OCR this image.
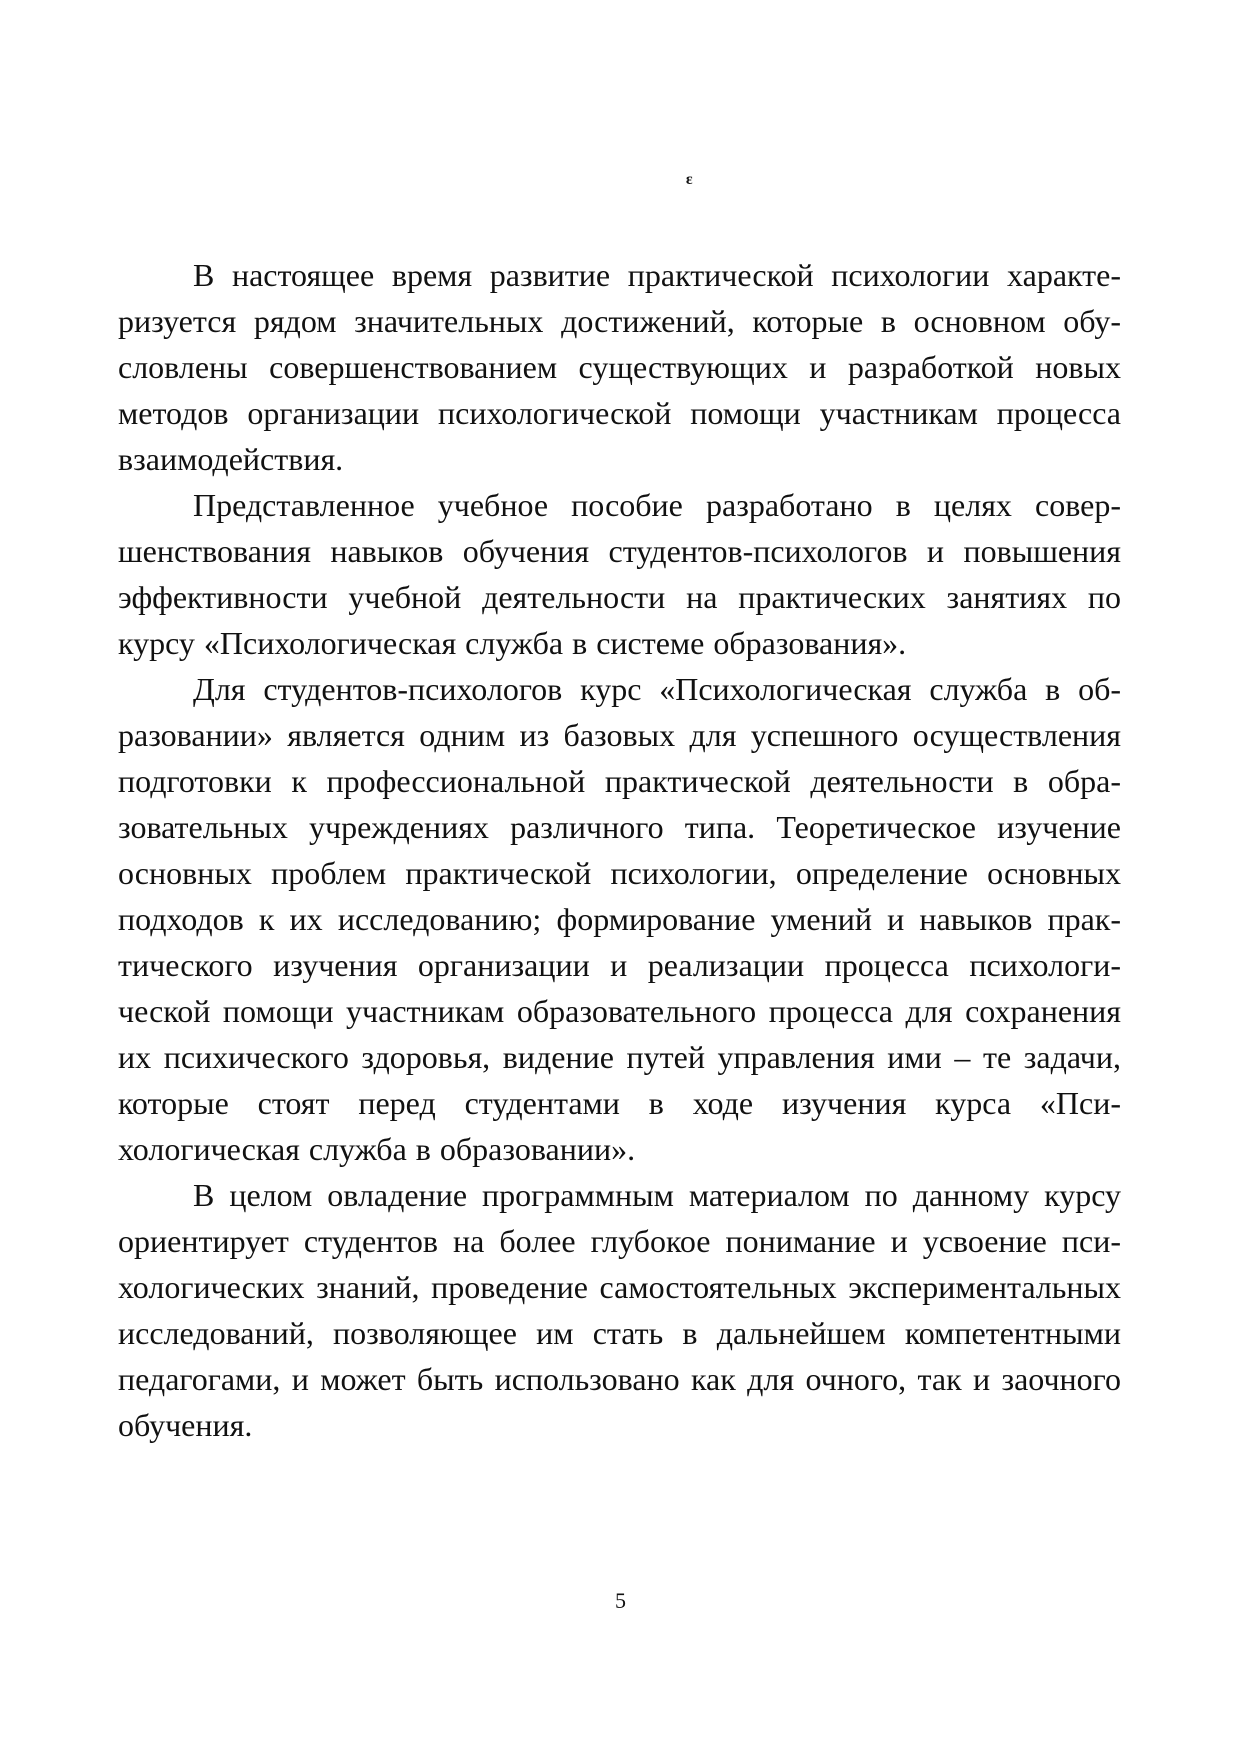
ᵋ

В настоящее время развитие практической психологии характеризуется рядом значительных достижений, которые в основном обусловлены совершенствованием существующих и разработкой новых методов организации психологической помощи участникам процесса взаимодействия.

Представленное учебное пособие разработано в целях совершенствования навыков обучения студентов-психологов и повышения эффективности учебной деятельности на практических занятиях по курсу «Психологическая служба в системе образования».

Для студентов-психологов курс «Психологическая служба в образовании» является одним из базовых для успешного осуществления подготовки к профессиональной практической деятельности в образовательных учреждениях различного типа. Теоретическое изучение основных проблем практической психологии, определение основных подходов к их исследованию; формирование умений и навыков практического изучения организации и реализации процесса психологической помощи участникам образовательного процесса для сохранения их психического здоровья, видение путей управления ими – те задачи, которые стоят перед студентами в ходе изучения курса «Психологическая служба в образовании».

В целом овладение программным материалом по данному курсу ориентирует студентов на более глубокое понимание и усвоение психологических знаний, проведение самостоятельных экспериментальных исследований, позволяющее им стать в дальнейшем компетентными педагогами, и может быть использовано как для очного, так и заочного обучения.

5
